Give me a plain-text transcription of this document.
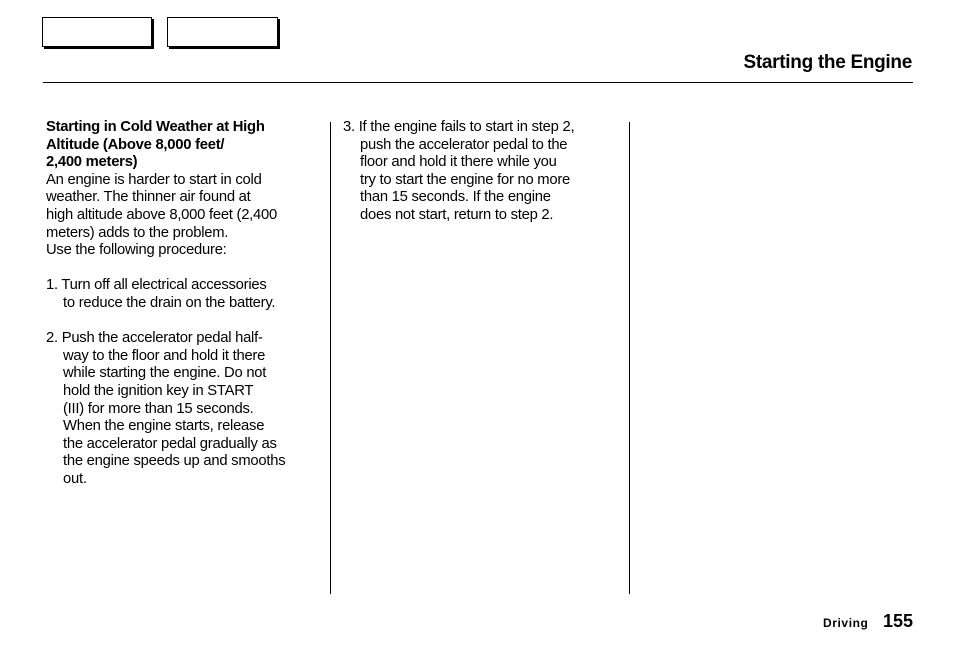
Starting the Engine
Starting in Cold Weather at High
Altitude (Above 8,000 feet/
2,400 meters)
An engine is harder to start in cold
weather. The thinner air found at
high altitude above 8,000 feet (2,400
meters) adds to the problem.
Use the following procedure:
1. Turn off all electrical accessories
to reduce the drain on the battery.
2. Push the accelerator pedal half-
way to the floor and hold it there
while starting the engine. Do not
hold the ignition key in START
(III) for more than 15 seconds.
When the engine starts, release
the accelerator pedal gradually as
the engine speeds up and smooths
out.
3. If the engine fails to start in step 2,
push the accelerator pedal to the
floor and hold it there while you
try to start the engine for no more
than 15 seconds. If the engine
does not start, return to step 2.
Driving 155
